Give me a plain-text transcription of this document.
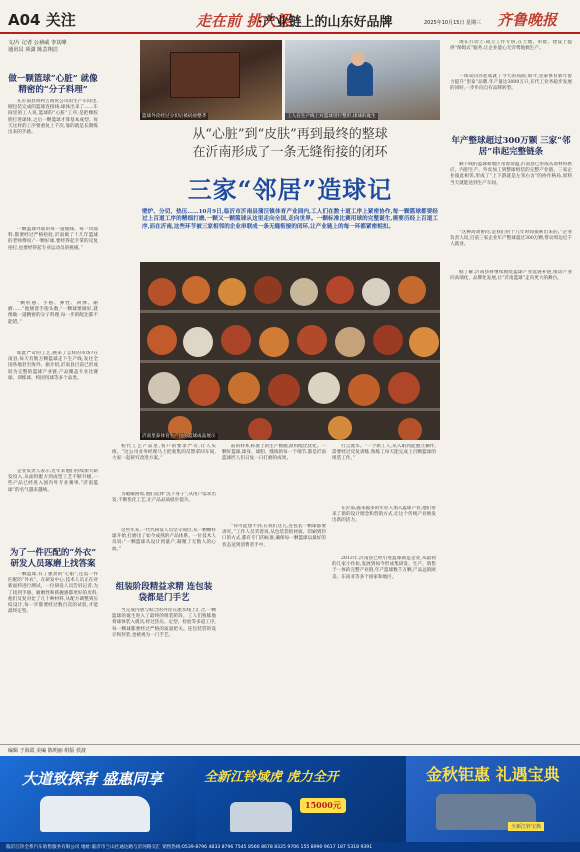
A04 关注	走在前 挑大梁
·产业链上的山东好品牌	2025年10月15日 星期三 齐鲁晚报
文/片 记者 公祯威 李其峰
通讯员 项潇 陈芸翔洁
做一颗篮球“心脏” 就像精密的“分子料理”

在沂南县鸿利吉商贸公司的生产车间里,刚包装完成的篮球连接线:球体出来了……车间里的工人说,篮球的“心脏”工序,是把橡胶胆打进球体,之后一颗篮球才算基本成型。每天这样的工序要重复上千次,靠的就是长期练出来的手感。

一颗篮球外面的每一道缝线、每一块面料,都要经过严格检验,沂南做了十几年篮球的老师傅说:“一颗好球,要经得起手掌的反复拍打,也要经得起专业运动员的挑剔。”

“颗粒感、手感、弹性、回弹、耐磨……”他掰着手指头数,“一颗球要做好,就像做一道精密的分子料理,每一步的配比都不能错。”

如此严苛的工艺,换来了怎样的市场?在南县,每天有数万颗篮球走下生产线,发往全国各地甚至海外。据介绍,沂南县目前已形成较为完整的篮球产业链,产品覆盖专业比赛球、训练球、校园用球等多个品类。

企业负责人表示,近年来他们持续加大研发投入,从面料配方到成型工艺不断升级,一些产品已经进入国内外专业赛事,“沂南篮球”的名气越来越响。

为了一件匹配的“外衣” 研发人员琢磨上找答案

一颗篮球,有了强劲的“心脏”,还需一件匹配的“外衣”。在研发中心,技术人员正在对新面料进行测试。一位研发人员告诉记者,为了找到手感、耐磨性和抓握感都更好的皮料,他们反复对比了几十种材料,从配方调整到压纹设计,每一步都要经过数百次的试验,才能最终定型。

篮球外皮经过分切后被码放整齐	工人在生产线上对篮球进行整形,排球的诞生
从“心脏”到“皮肤”再到最终的整球
在沂南形成了一条无缝衔接的闭环
三家“邻居”造球记
壁炉、分切、热压……10月9日,临沂市沂南县蒲汪镇体育产业园内,工人们在数十道工序上紧密协作,每一颗篮球都要经过上百道工序的精细打磨,一颗又一颗篮球从这里走向全国,走向世界。一颗标准比赛用球的完整诞生,需要历经上百道工序,而在沂南,这些环节被三家相邻的企业串联成一条无缝衔接的闭环,让产业链上的每一环都紧密相扣。
沂南里泰体育生产出的篮球成品展示

初代工艺产品里,客户的要求严苛,让人头疼。“这公司业务经理马上把收集的反馈拿回车间,大家一起研究改进方案。”

为破解困境,他们选择“沉下身子”,从用户需求出发,不断优化工艺,让产品品质稳步提升。

这些年来,一代代研发人员坚守岗位,从一颗颗样球开始,打磨出了如今成熟的产品体系。一位技术人员说:“一颗篮球从设计到量产,凝聚了无数人的心血。”

组装阶段精益求精 连包装袋都是门手艺

当完成内胆与贴合的外皮在流水线上汇合,一颗篮球的诞生进入了最终的组装阶段。工人们熟练地将球体装入模具,经过热压、定型、检验等多道工序,每一颗球都要经过严格的质量把关。连包装袋的设计和封装,也被视为一门手艺。

前的样本,标准上的生产数据,原料配比优化。一颗好篮球,球身、球胆、缝线的每一个细节,都是沂南篮球匠人们日复一日打磨的成果。

“你可能想不到,在我们这儿,连包装一颗球都要讲究。”工作人员笑着说,从包装袋的材质、印刷到封口的方式,都有专门的标准,确保每一颗篮球以最好的状态送到消费者手中。

行云流水。“一个新工人,从入职到能独立操作,需要经过反复训练,熟练工每天能完成上百颗篮球的组装工作。”

在沂南,越来越多的年轻人加入篮球产业,他们带来了新的设计理念和营销方式,让这个传统产业焕发出新的活力。

2013年,沂南县已经引进篮球制造企业,从最初的几家小作坊,发展到如今形成集研发、生产、销售于一体的完整产业链,年产篮球数千万颗,产品远销欧美、东南亚等多个国家和地区。

现在行动上:成立工作专班,在土地、审批、建设上提供“保姆式”服务,让企业能心无旁骛地搞生产。

一场双向奔赴成就了今天的局面,如今,里泰体育新年着力提升“里泰”品牌,年产量达3000万只,在代工业务稳步发展的同时,一步步向自有品牌转型。

年产整球超过300万颗 三家“邻居”串起完整链条

顺下线的篮球和地区带着余温,沂南县已形成从原材料供应、内胆生产、外皮加工到整球组装的完整产业链。三家企业彼此相邻,形成了“上下游就是左邻右舍”的协作格局,原料当天就能送到生产车间。

“这种高效协同,是我们用十几年时间摸索出来的。”企业负责人说,目前三家企业年产整球超过300万颗,带动周边近千人就业。

据了解,沂南县将继续围绕篮球产业延链补链,推动产业向高端化、品牌化发展,让“沂南篮球”走向更大的舞台。

编辑 于海霞 美编 陈明丽 组版 侯波
大道致探者 盛惠同享	全新江铃域虎 虎力全开
15000元
金秋钜惠 礼遇宝典
全新江铃宝典
临沂江铃全系汽车销售服务有限公司 地址:临沂市兰山区通达路与沂河路交汇 销售热线:0539-8796 4833 8796 7545 8566 8678 8325 9706 155 8990 9617 187 5318 9391
